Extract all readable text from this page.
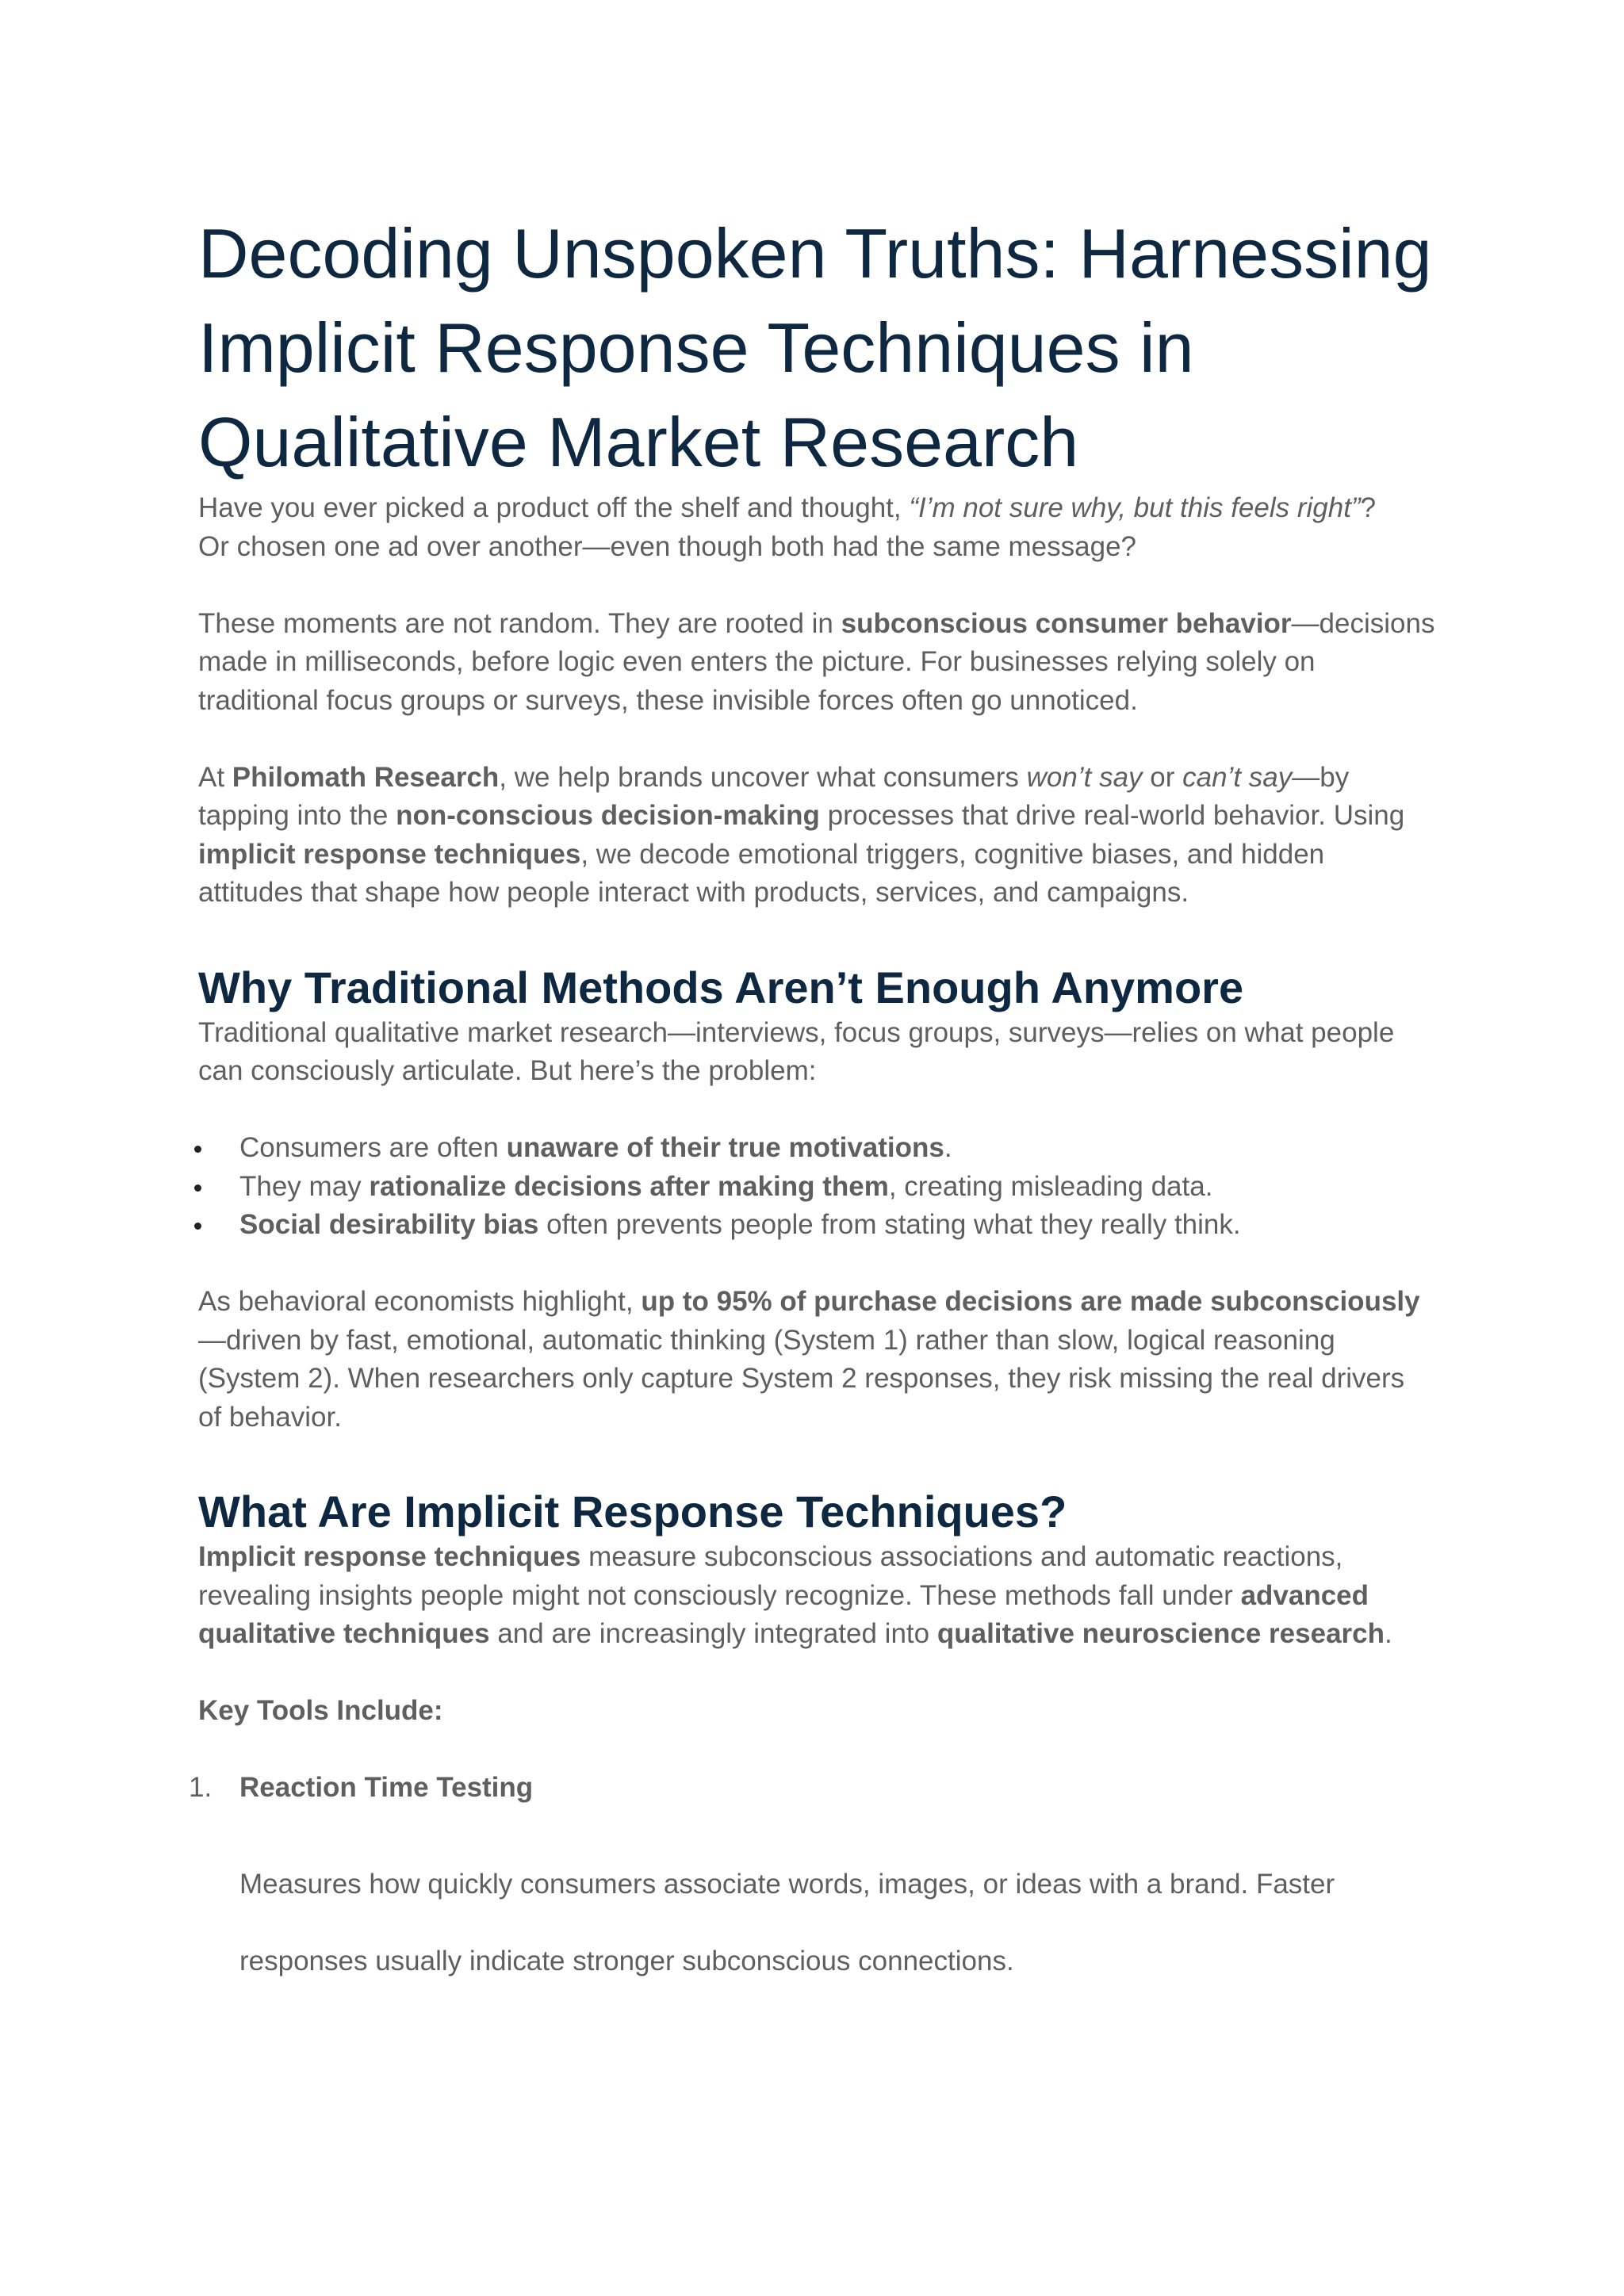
Decoding Unspoken Truths: Harnessing Implicit Response Techniques in Qualitative Market Research

Have you ever picked a product off the shelf and thought, “I’m not sure why, but this feels right”?
Or chosen one ad over another—even though both had the same message?

These moments are not random. They are rooted in subconscious consumer behavior—decisions made in milliseconds, before logic even enters the picture. For businesses relying solely on traditional focus groups or surveys, these invisible forces often go unnoticed.

At Philomath Research, we help brands uncover what consumers won’t say or can’t say—by tapping into the non-conscious decision-making processes that drive real-world behavior. Using implicit response techniques, we decode emotional triggers, cognitive biases, and hidden attitudes that shape how people interact with products, services, and campaigns.

Why Traditional Methods Aren’t Enough Anymore

Traditional qualitative market research—interviews, focus groups, surveys—relies on what people can consciously articulate. But here’s the problem:

Consumers are often unaware of their true motivations.
They may rationalize decisions after making them, creating misleading data.
Social desirability bias often prevents people from stating what they really think.

As behavioral economists highlight, up to 95% of purchase decisions are made subconsciously—driven by fast, emotional, automatic thinking (System 1) rather than slow, logical reasoning (System 2). When researchers only capture System 2 responses, they risk missing the real drivers of behavior.

What Are Implicit Response Techniques?

Implicit response techniques measure subconscious associations and automatic reactions, revealing insights people might not consciously recognize. These methods fall under advanced qualitative techniques and are increasingly integrated into qualitative neuroscience research.

Key Tools Include:

1. Reaction Time Testing

Measures how quickly consumers associate words, images, or ideas with a brand. Faster responses usually indicate stronger subconscious connections.
